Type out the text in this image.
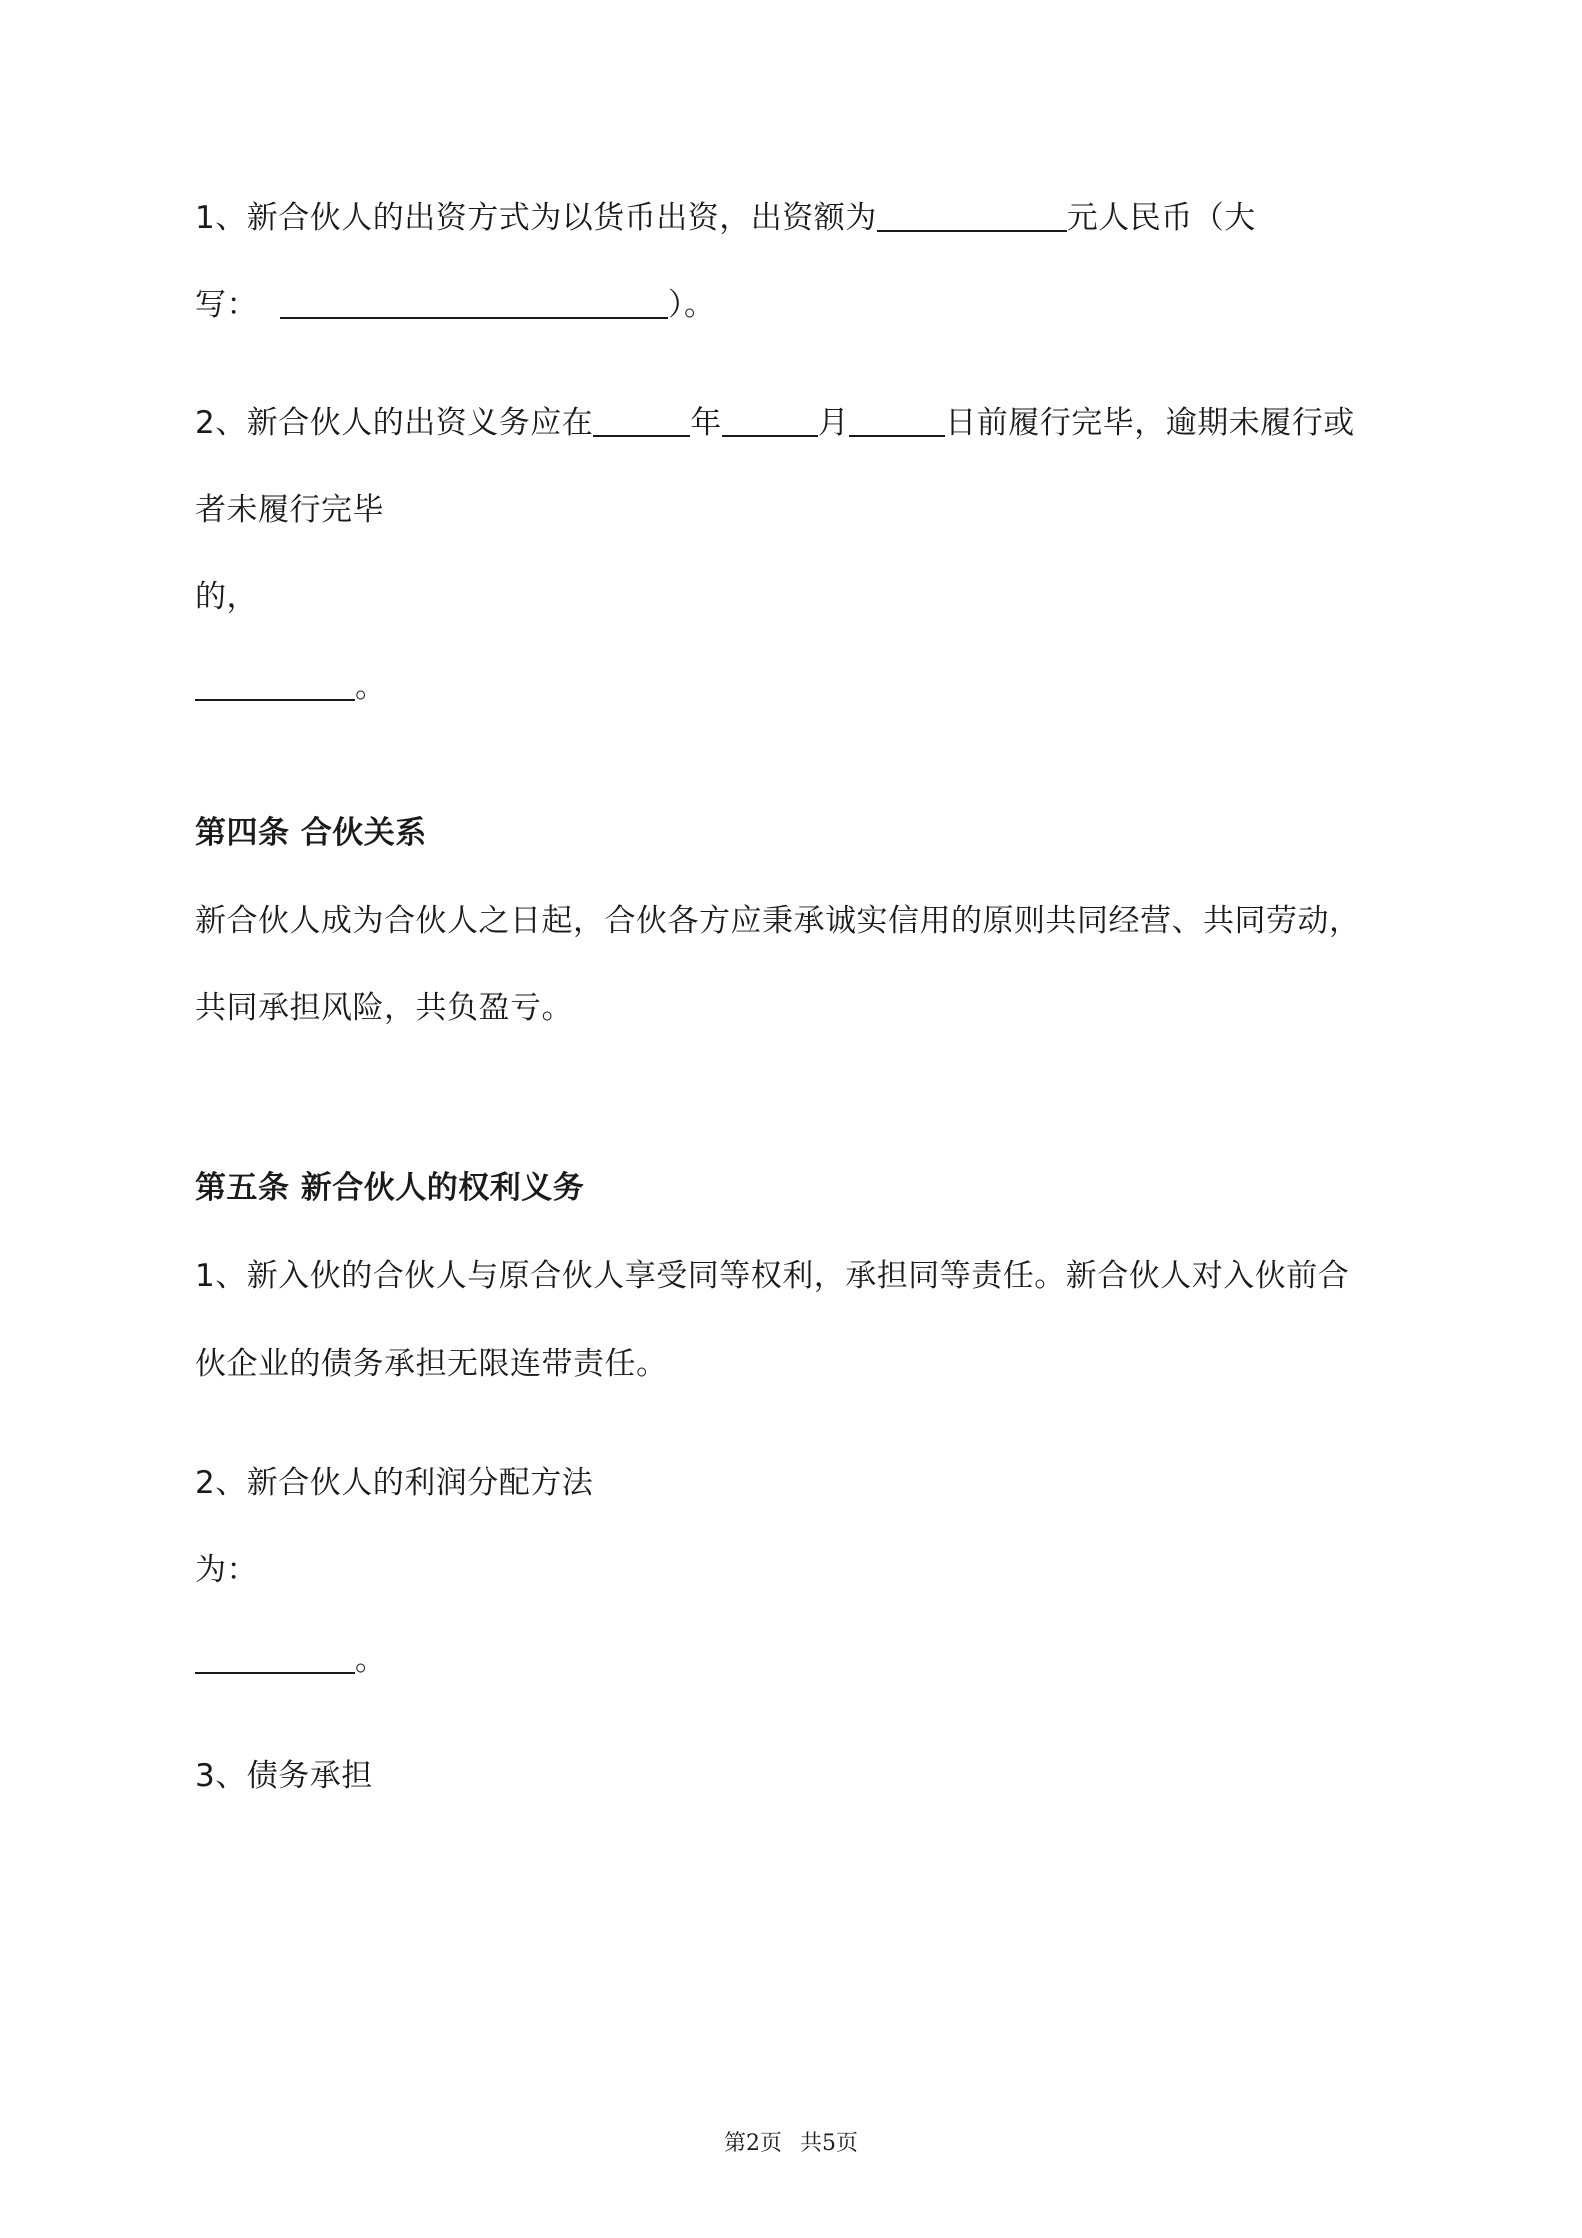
1、新合伙人的出资方式为以货币出资，出资额为	元人民币（大
写：	）。
2、新合伙人的出资义务应在	年	月	日前履行完毕，逾期未履行或
者未履行完毕
的，
。
第四条 合伙关系
新合伙人成为合伙人之日起，合伙各方应秉承诚实信用的原则共同经营、共同劳动，
共同承担风险，共负盈亏。
第五条 新合伙人的权利义务
1、新入伙的合伙人与原合伙人享受同等权利，承担同等责任。新合伙人对入伙前合
伙企业的债务承担无限连带责任。
2、新合伙人的利润分配方法
为：
。
3、债务承担
第2页 共5页
